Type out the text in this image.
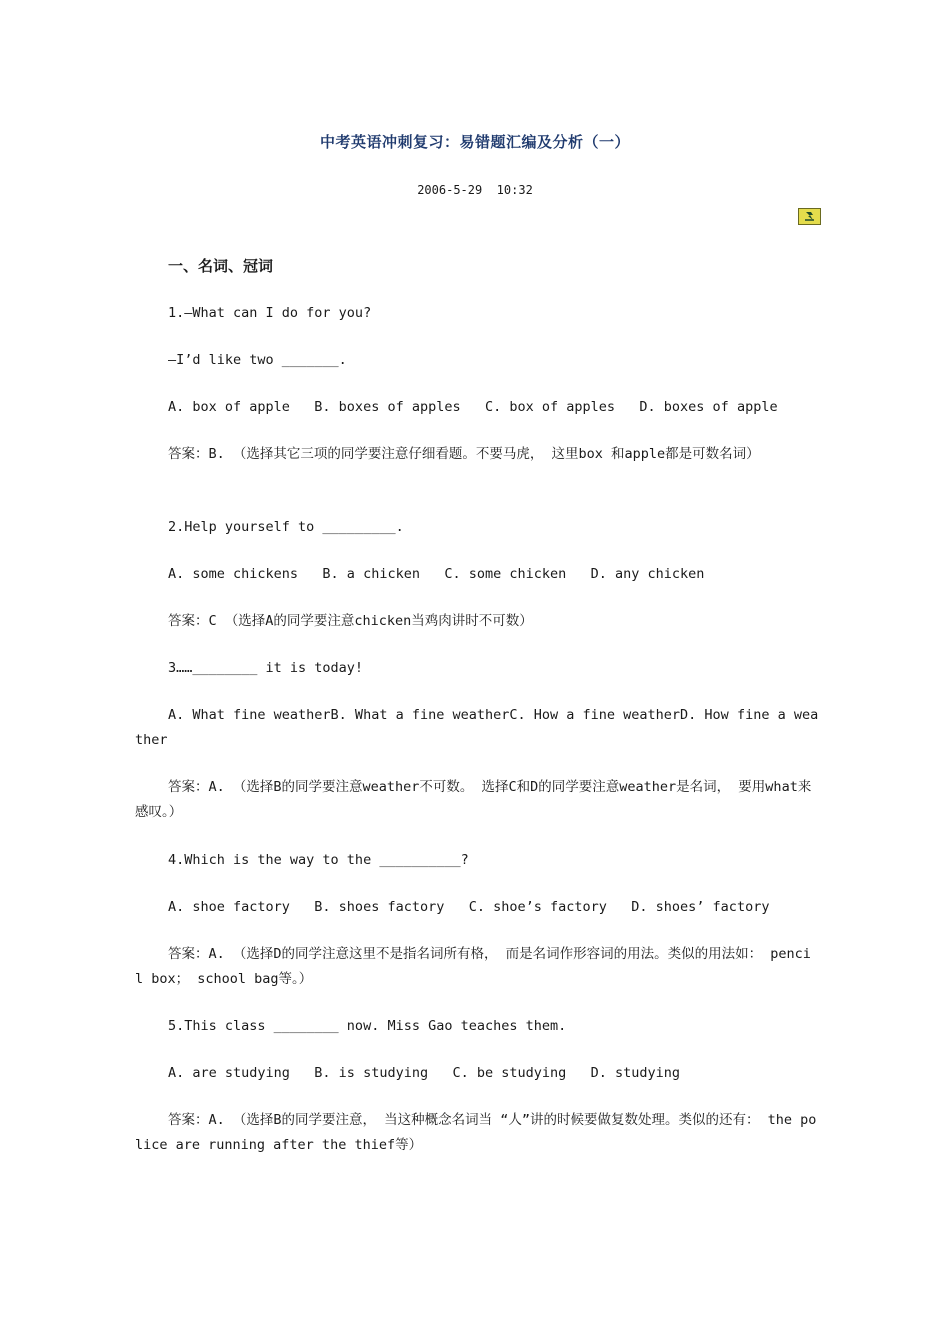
中考英语冲刺复习：易错题汇编及分析（一）
2006-5-29  10:32
一、名词、冠词
1.—What can I do for you?
—I’d like two _______.
A. box of apple   B. boxes of apples   C. box of apples   D. boxes of apple
答案：B. （选择其它三项的同学要注意仔细看题。不要马虎， 这里box 和apple都是可数名词）
2.Help yourself to _________.
A. some chickens   B. a chicken   C. some chicken   D. any chicken
答案：C （选择A的同学要注意chicken当鸡肉讲时不可数）
3……________ it is today!
A. What fine weatherB. What a fine weatherC. How a fine weatherD. How fine a weather
答案：A. （选择B的同学要注意weather不可数。 选择C和D的同学要注意weather是名词， 要用what来感叹。）
4.Which is the way to the __________?
A. shoe factory   B. shoes factory   C. shoe’s factory   D. shoes’ factory
答案：A. （选择D的同学注意这里不是指名词所有格， 而是名词作形容词的用法。类似的用法如： pencil box； school bag等。）
5.This class ________ now. Miss Gao teaches them.
A. are studying   B. is studying   C. be studying   D. studying
答案：A. （选择B的同学要注意， 当这种概念名词当 “人”讲的时候要做复数处理。类似的还有： the police are running after the thief等）
